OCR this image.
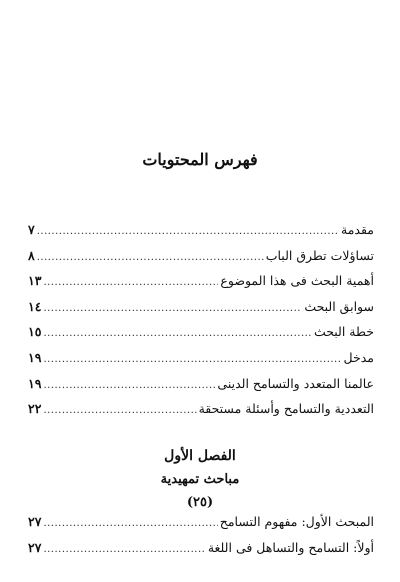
فهرس المحتويات
مقدمة
.....
٧
تساؤلات تطرق الباب
.....
٨
أهمية البحث فى هذا الموضوع
.....
١٣
سوابق البحث
.....
١٤
خطة البحث
.....
١٥
مدخل
.....
١٩
عالمنا المتعدد والتسامح الدينى
.....
١٩
التعددية والتسامح وأسئلة مستحقة
.....
٢٢

الفصل الأول

مباحث تمهيدية

(٢٥)

المبحث الأول: مفهوم التسامح
.....
٢٧
أولاً: التسامح والتساهل فى اللغة
.....
٢٧
